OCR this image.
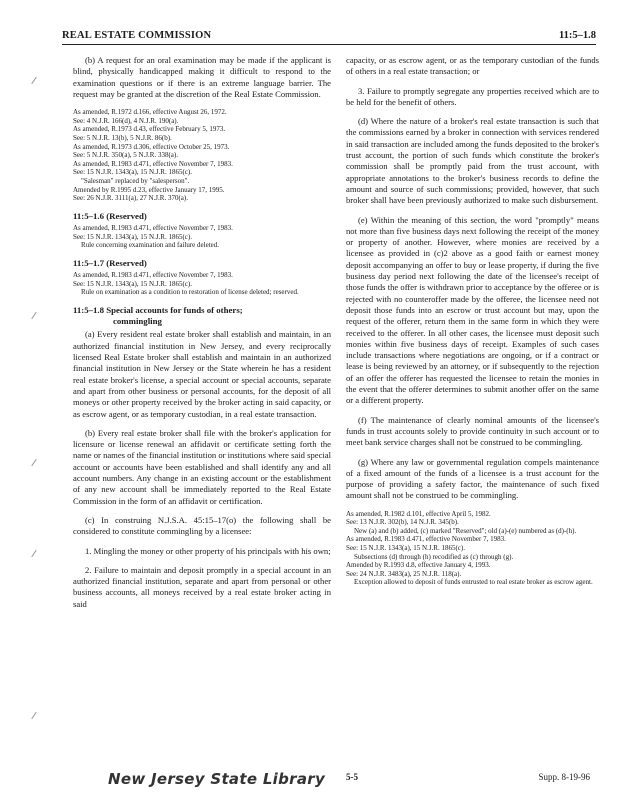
REAL ESTATE COMMISSION	11:5–1.8

(b) A request for an oral examination may be made if the applicant is blind, physically handicapped making it difficult to respond to the examination questions or if there is an extreme language barrier. The request may be granted at the discretion of the Real Estate Commission.

As amended, R.1972 d.166, effective August 26, 1972.
See: 4 N.J.R. 166(d), 4 N.J.R. 190(a).
As amended, R.1973 d.43, effective February 5, 1973.
See: 5 N.J.R. 13(b), 5 N.J.R. 86(b).
As amended, R.1973 d.306, effective October 25, 1973.
See: 5 N.J.R. 350(a), 5 N.J.R. 338(a).
As amended, R.1983 d.471, effective November 7, 1983.
See: 15 N.J.R. 1343(a), 15 N.J.R. 1865(c).
"Salesman" replaced by "salesperson".
Amended by R.1995 d.23, effective January 17, 1995.
See: 26 N.J.R. 3111(a), 27 N.J.R. 370(a).
11:5–1.6 (Reserved)
As amended, R.1983 d.471, effective November 7, 1983.
See: 15 N.J.R. 1343(a), 15 N.J.R. 1865(c).
Rule concerning examination and failure deleted.
11:5–1.7 (Reserved)
As amended, R.1983 d.471, effective November 7, 1983.
See: 15 N.J.R. 1343(a), 15 N.J.R. 1865(c).
Rule on examination as a condition to restoration of license deleted; reserved.
11:5–1.8 Special accounts for funds of others;
commingling

(a) Every resident real estate broker shall establish and maintain, in an authorized financial institution in New Jersey, and every reciprocally licensed Real Estate broker shall establish and maintain in an authorized financial institution in New Jersey or the State wherein he has a resident real estate broker's license, a special account or special accounts, separate and apart from other business or personal accounts, for the deposit of all moneys or other property received by the broker acting in said capacity, or as escrow agent, or as temporary custodian, in a real estate transaction.

(b) Every real estate broker shall file with the broker's application for licensure or license renewal an affidavit or certificate setting forth the name or names of the financial institution or institutions where said special account or accounts have been established and shall identify any and all account numbers. Any change in an existing account or the establishment of any new account shall be immediately reported to the Real Estate Commission in the form of an affidavit or certification.

(c) In construing N.J.S.A. 45:15–17(o) the following shall be considered to constitute commingling by a licensee:

1. Mingling the money or other property of his principals with his own;

2. Failure to maintain and deposit promptly in a special account in an authorized financial institution, separate and apart from personal or other business accounts, all moneys received by a real estate broker acting in said

capacity, or as escrow agent, or as the temporary custodian of the funds of others in a real estate transaction; or

3. Failure to promptly segregate any properties received which are to be held for the benefit of others.

(d) Where the nature of a broker's real estate transaction is such that the commissions earned by a broker in connection with services rendered in said transaction are included among the funds deposited to the broker's trust account, the portion of such funds which constitute the broker's commission shall be promptly paid from the trust account, with appropriate annotations to the broker's business records to define the amount and source of such commissions; provided, however, that such broker shall have been previously authorized to make such disbursement.

(e) Within the meaning of this section, the word "promptly" means not more than five business days next following the receipt of the money or property of another. However, where monies are received by a licensee as provided in (c)2 above as a good faith or earnest money deposit accompanying an offer to buy or lease property, if during the five business day period next following the date of the licensee's receipt of those funds the offer is withdrawn prior to acceptance by the offeree or is rejected with no counteroffer made by the offeree, the licensee need not deposit those funds into an escrow or trust account but may, upon the request of the offerer, return them in the same form in which they were received to the offerer. In all other cases, the licensee must deposit such monies within five business days of receipt. Examples of such cases include transactions where negotiations are ongoing, or if a contract or lease is being reviewed by an attorney, or if subsequently to the rejection of an offer the offerer has requested the licensee to retain the monies in the event that the offerer determines to submit another offer on the same or a different property.

(f) The maintenance of clearly nominal amounts of the licensee's funds in trust accounts solely to provide continuity in such account or to meet bank service charges shall not be construed to be commingling.

(g) Where any law or governmental regulation compels maintenance of a fixed amount of the funds of a licensee is a trust account for the purpose of providing a safety factor, the maintenance of such fixed amount shall not be construed to be commingling.

As amended, R.1982 d.101, effective April 5, 1982.
See: 13 N.J.R. 302(b), 14 N.J.R. 345(b).
New (a) and (b) added, (c) marked "Reserved"; old (a)-(e) numbered as (d)-(h).
As amended, R.1983 d.471, effective November 7, 1983.
See: 15 N.J.R. 1343(a), 15 N.J.R. 1865(c).
Subsections (d) through (h) recodified as (c) through (g).
Amended by R.1993 d.8, effective January 4, 1993.
See: 24 N.J.R. 3483(a), 25 N.J.R. 118(a).
Exception allowed to deposit of funds entrusted to real estate broker as escrow agent.
New Jersey State Library 5-5	Supp. 8-19-96
